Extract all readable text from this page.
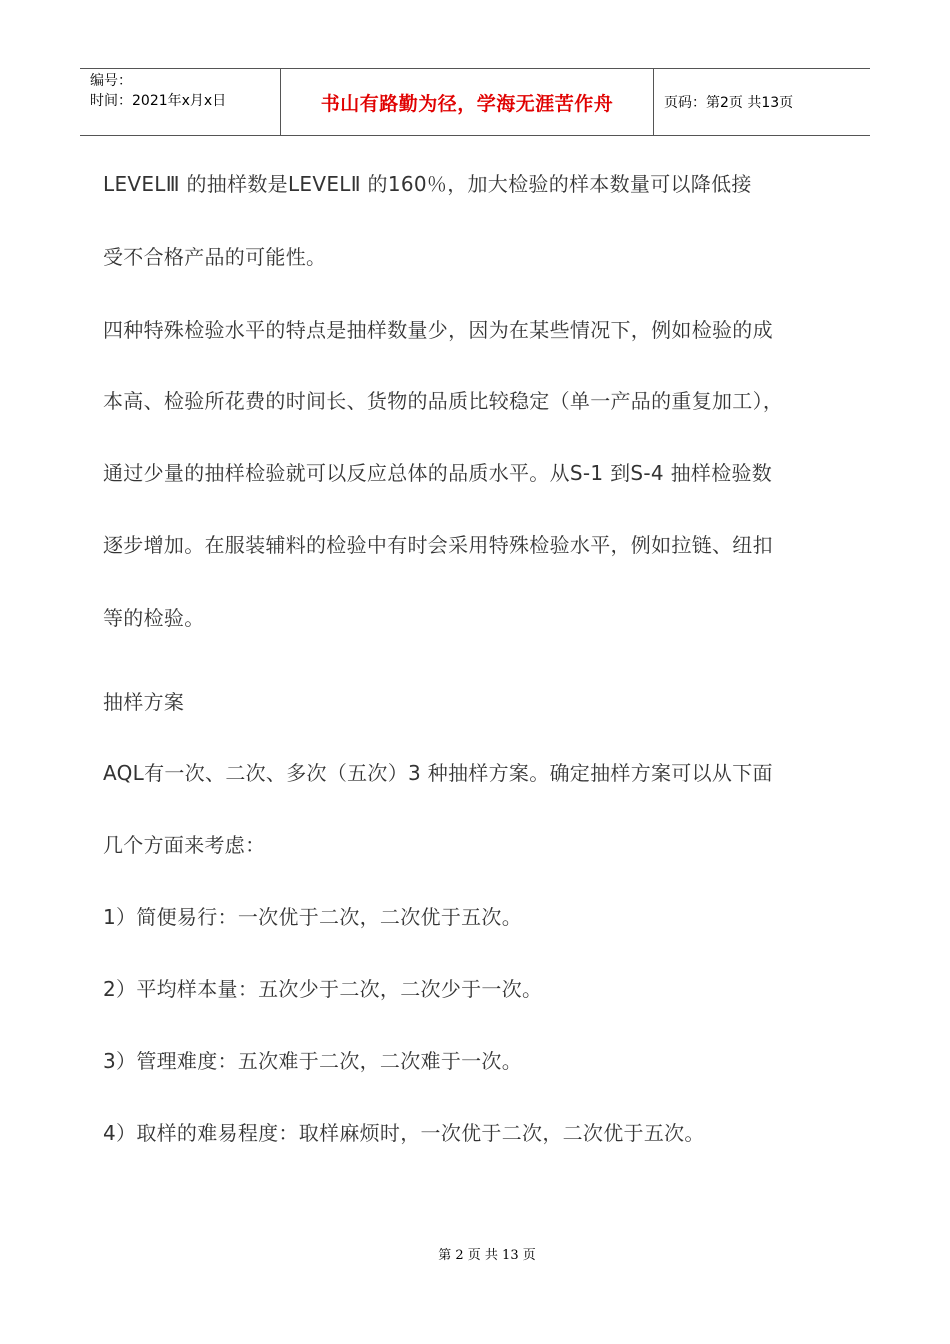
编号：
时间：2021年x月x日	书山有路勤为径，学海无涯苦作舟	页码：第2页 共13页
LEVELⅢ 的抽样数是LEVELⅡ 的160％，加大检验的样本数量可以降低接
受不合格产品的可能性。
四种特殊检验水平的特点是抽样数量少，因为在某些情况下，例如检验的成
本高、检验所花费的时间长、货物的品质比较稳定（单一产品的重复加工），
通过少量的抽样检验就可以反应总体的品质水平。从S-1 到S-4 抽样检验数
逐步增加。在服装辅料的检验中有时会采用特殊检验水平，例如拉链、纽扣
等的检验。
抽样方案
AQL有一次、二次、多次（五次）3 种抽样方案。确定抽样方案可以从下面
几个方面来考虑：
1）简便易行：一次优于二次，二次优于五次。
2）平均样本量：五次少于二次，二次少于一次。
3）管理难度：五次难于二次，二次难于一次。
4）取样的难易程度：取样麻烦时，一次优于二次，二次优于五次。
第 2 页 共 13 页
